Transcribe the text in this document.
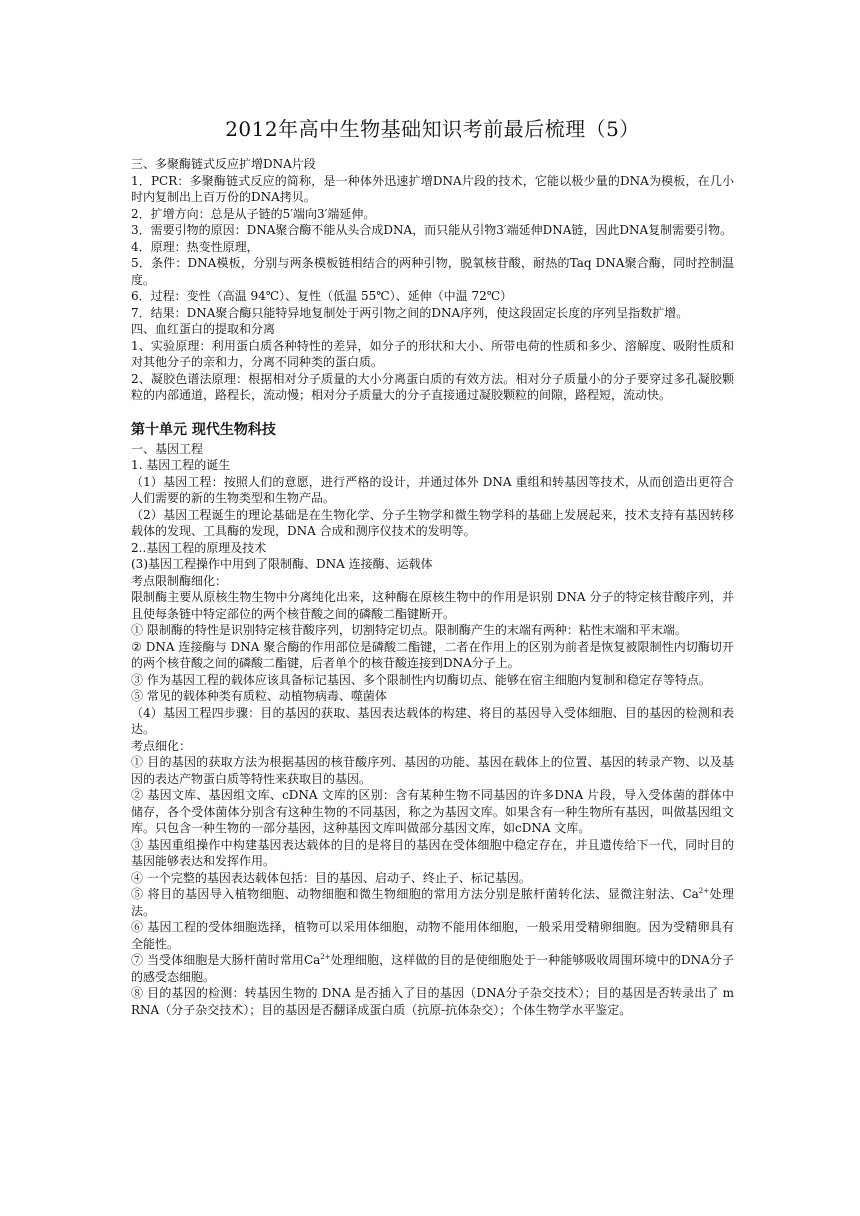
2012年高中生物基础知识考前最后梳理（5）

三、多聚酶链式反应扩增DNA片段

1．PCR：多聚酶链式反应的简称，是一种体外迅速扩增DNA片段的技术，它能以极少量的DNA为模板，在几小时内复制出上百万份的DNA拷贝。

2．扩增方向：总是从子链的5′端向3′端延伸。

3．需要引物的原因：DNA聚合酶不能从头合成DNA，而只能从引物3′端延伸DNA链，因此DNA复制需要引物。

4．原理：热变性原理，

5．条件：DNA模板，分别与两条模板链相结合的两种引物，脱氧核苷酸，耐热的Taq DNA聚合酶，同时控制温度。

6．过程：变性（高温 94℃）、复性（低温 55℃）、延伸（中温 72℃）

7．结果：DNA聚合酶只能特异地复制处于两引物之间的DNA序列，使这段固定长度的序列呈指数扩增。

四、血红蛋白的提取和分离

1、实验原理：利用蛋白质各种特性的差异，如分子的形状和大小、所带电荷的性质和多少、溶解度、吸附性质和对其他分子的亲和力，分离不同种类的蛋白质。

2、凝胶色谱法原理：根据相对分子质量的大小分离蛋白质的有效方法。相对分子质量小的分子要穿过多孔凝胶颗粒的内部通道，路程长，流动慢；相对分子质量大的分子直接通过凝胶颗粒的间隙，路程短，流动快。

第十单元 现代生物科技

一、基因工程

1. 基因工程的诞生

（1）基因工程：按照人们的意愿，进行严格的设计，并通过体外 DNA 重组和转基因等技术，从而创造出更符合人们需要的新的生物类型和生物产品。

（2）基因工程诞生的理论基础是在生物化学、分子生物学和微生物学科的基础上发展起来，技术支持有基因转移载体的发现、工具酶的发现，DNA 合成和测序仪技术的发明等。

2..基因工程的原理及技术

(3)基因工程操作中用到了限制酶、DNA 连接酶、运载体

考点限制酶细化：

限制酶主要从原核生物生物中分离纯化出来，这种酶在原核生物中的作用是识别 DNA 分子的特定核苷酸序列，并且使每条链中特定部位的两个核苷酸之间的磷酸二酯键断开。

① 限制酶的特性是识别特定核苷酸序列，切割特定切点。限制酶产生的末端有两种：粘性末端和平末端。

② DNA 连接酶与 DNA 聚合酶的作用部位是磷酸二酯键，二者在作用上的区别为前者是恢复被限制性内切酶切开的两个核苷酸之间的磷酸二酯键，后者单个的核苷酸连接到DNA分子上。

③ 作为基因工程的载体应该具备标记基因、多个限制性内切酶切点、能够在宿主细胞内复制和稳定存等特点。

⑤ 常见的载体种类有质粒、动植物病毒、噬菌体

（4）基因工程四步骤：目的基因的获取、基因表达载体的构建、将目的基因导入受体细胞、目的基因的检测和表达。

考点细化：

① 目的基因的获取方法为根据基因的核苷酸序列、基因的功能、基因在载体上的位置、基因的转录产物、以及基因的表达产物蛋白质等特性来获取目的基因。

② 基因文库、基因组文库、cDNA 文库的区别：含有某种生物不同基因的许多DNA 片段，导入受体菌的群体中储存，各个受体菌体分别含有这种生物的不同基因，称之为基因文库。如果含有一种生物所有基因，叫做基因组文库。只包含一种生物的一部分基因，这种基因文库叫做部分基因文库，如cDNA 文库。

③ 基因重组操作中构建基因表达载体的目的是将目的基因在受体细胞中稳定存在，并且遗传给下一代，同时目的基因能够表达和发挥作用。

④ 一个完整的基因表达载体包括：目的基因、启动子、终止子、标记基因。

⑤ 将目的基因导入植物细胞、动物细胞和微生物细胞的常用方法分别是脓杆菌转化法、显微注射法、$Ca^{2+}$处理法。

⑥ 基因工程的受体细胞选择，植物可以采用体细胞，动物不能用体细胞，一般采用受精卵细胞。因为受精卵具有全能性。

⑦ 当受体细胞是大肠杆菌时常用$Ca^{2+}$处理细胞，这样做的目的是使细胞处于一种能够吸收周围环境中的DNA分子的感受态细胞。

⑧ 目的基因的检测：转基因生物的 DNA 是否插入了目的基因（DNA分子杂交技术）；目的基因是否转录出了 mRNA（分子杂交技术）；目的基因是否翻译成蛋白质（抗原-抗体杂交）；个体生物学水平鉴定。
